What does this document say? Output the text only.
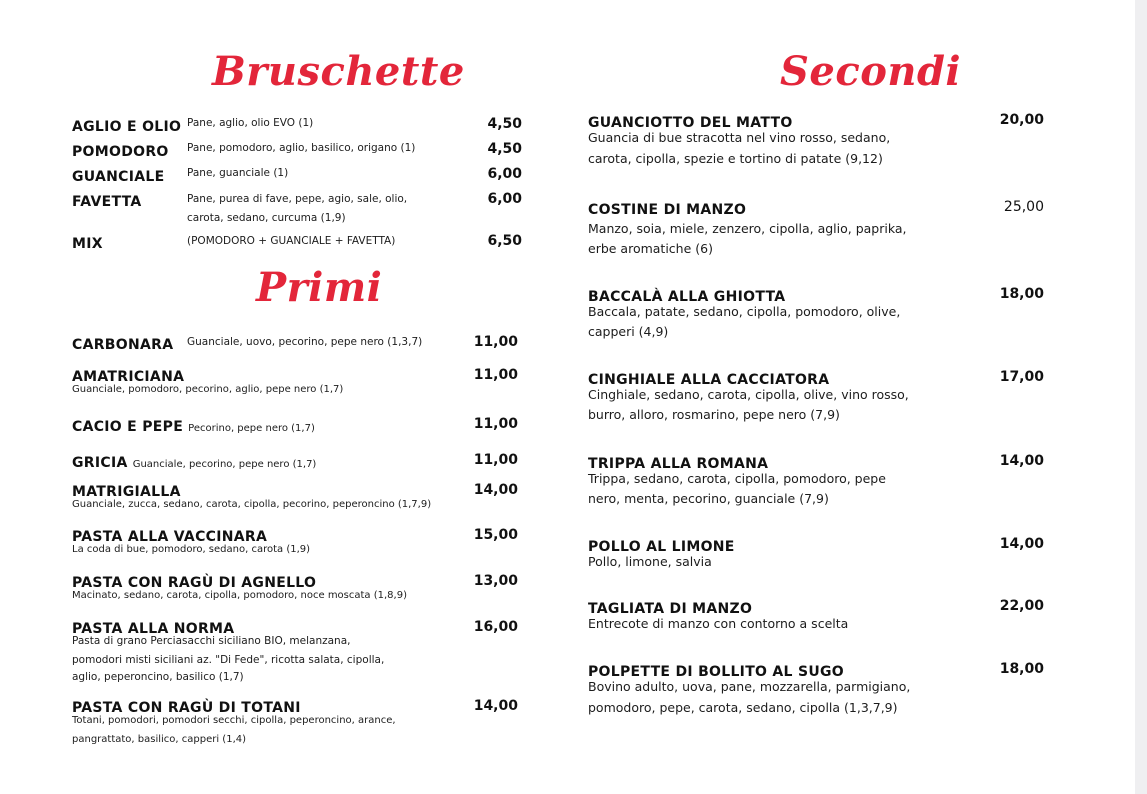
Bruschette
AGLIO E OLIO Pane, aglio, olio EVO (1)	4,50
POMODORO Pane, pomodoro, aglio, basilico, origano (1)	4,50
GUANCIALE Pane, guanciale (1)	6,00
FAVETTA	Pane, purea di fave, pepe, agio, sale, olio,
carota, sedano, curcuma (1,9)
6,00
MIX	(POMODORO + GUANCIALE + FAVETTA)	6,50
Primi
CARBONARA Guanciale, uovo, pecorino, pepe nero (1,3,7)	11,00
AMATRICIANA
Guanciale, pomodoro, pecorino, aglio, pepe nero (1,7)
11,00
CACIO E PEPE Pecorino, pepe nero (1,7)	11,00
GRICIA Guanciale, pecorino, pepe nero (1,7)	11,00
MATRIGIALLA
Guanciale, zucca, sedano, carota, cipolla, pecorino, peperoncino (1,7,9)
14,00
PASTA ALLA VACCINARA
La coda di bue, pomodoro, sedano, carota (1,9)
15,00
PASTA CON RAGÙ DI AGNELLO
Macinato, sedano, carota, cipolla, pomodoro, noce moscata (1,8,9)
13,00
PASTA ALLA NORMA
Pasta di grano Perciasacchi siciliano BIO, melanzana,
pomodori misti siciliani az. "Di Fede", ricotta salata, cipolla,
aglio, peperoncino, basilico (1,7)
16,00
PASTA CON RAGÙ DI TOTANI
Totani, pomodori, pomodori secchi, cipolla, peperoncino, arance,
pangrattato, basilico, capperi (1,4)
14,00
Secondi
GUANCIOTTO DEL MATTO
Guancia di bue stracotta nel vino rosso, sedano,
carota, cipolla, spezie e tortino di patate (9,12)
20,00
COSTINE DI MANZO
Manzo, soia, miele, zenzero, cipolla, aglio, paprika,
erbe aromatiche (6)
25,00
BACCALÀ ALLA GHIOTTA
Baccala, patate, sedano, cipolla, pomodoro, olive,
capperi (4,9)
18,00
CINGHIALE ALLA CACCIATORA
Cinghiale, sedano, carota, cipolla, olive, vino rosso,
burro, alloro, rosmarino, pepe nero (7,9)
17,00
TRIPPA ALLA ROMANA
Trippa, sedano, carota, cipolla, pomodoro, pepe
nero, menta, pecorino, guanciale (7,9)
14,00
POLLO AL LIMONE
Pollo, limone, salvia
14,00
TAGLIATA DI MANZO
Entrecote di manzo con contorno a scelta
22,00
POLPETTE DI BOLLITO AL SUGO
Bovino adulto, uova, pane, mozzarella, parmigiano,
pomodoro, pepe, carota, sedano, cipolla (1,3,7,9)
18,00
